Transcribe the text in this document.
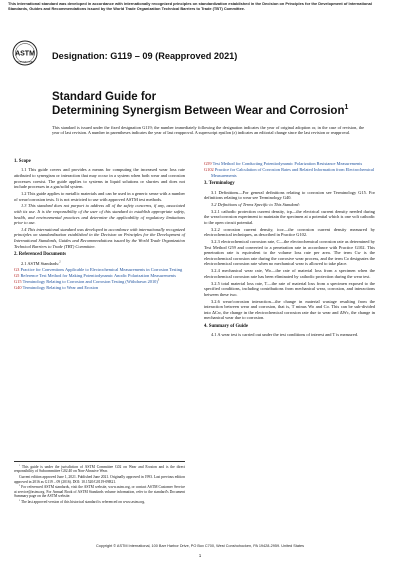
This international standard was developed in accordance with internationally recognized principles on standardization established in the Decision on Principles for the Development of International Standards, Guides and Recommendations issued by the World Trade Organization Technical Barriers to Trade (TBT) Committee.
ASTM
INTERNATIONAL
Designation: G119 – 09 (Reapproved 2021)
Standard Guide for
Determining Synergism Between Wear and Corrosion$^1$
This standard is issued under the fixed designation G119; the number immediately following the designation indicates the year of original adoption or, in the case of revision, the year of last revision. A number in parentheses indicates the year of last reapproval. A superscript epsilon (ε) indicates an editorial change since the last revision or reapproval.
1. Scope

1.1 This guide covers and provides a means for computing the increased wear loss rate attributed to synergism or interaction that may occur in a system when both wear and corrosion processes coexist. The guide applies to systems in liquid solutions or slurries and does not include processes in a gas/solid system.

1.2 This guide applies to metallic materials and can be used in a generic sense with a number of wear/corrosion tests. It is not restricted to use with approved ASTM test methods.

1.3 This standard does not purport to address all of the safety concerns, if any, associated with its use. It is the responsibility of the user of this standard to establish appropriate safety, health, and environmental practices and determine the applicability of regulatory limitations prior to use.

1.4 This international standard was developed in accordance with internationally recognized principles on standardization established in the Decision on Principles for the Development of International Standards, Guides and Recommendations issued by the World Trade Organization Technical Barriers to Trade (TBT) Committee.

2. Referenced Documents

2.1 ASTM Standards:$^2$

G3 Practice for Conventions Applicable to Electrochemical Measurements in Corrosion Testing
G5 Reference Test Method for Making Potentiodynamic Anodic Polarization Measurements
G15 Terminology Relating to Corrosion and Corrosion Testing (Withdrawn 2010)$^3$
G40 Terminology Relating to Wear and Erosion

$^1$ This guide is under the jurisdiction of ASTM Committee G02 on Wear and Erosion and is the direct responsibility of Subcommittee G02.40 on Non-Abrasive Wear.

Current edition approved June 1, 2021. Published June 2021. Originally approved in 1993. Last previous edition approved in 2016 as G119 – 09 (2016). DOI: 10.1520/G0119-09R21.

$^2$ For referenced ASTM standards, visit the ASTM website, www.astm.org, or contact ASTM Customer Service at service@astm.org. For Annual Book of ASTM Standards volume information, refer to the standard's Document Summary page on the ASTM website.

$^3$ The last approved version of this historical standard is referenced on www.astm.org.

G59 Test Method for Conducting Potentiodynamic Polarization Resistance Measurements
G102 Practice for Calculation of Corrosion Rates and Related Information from Electrochemical Measurements
3. Terminology

3.1 Definitions—For general definitions relating to corrosion see Terminology G15. For definitions relating to wear see Terminology G40.

3.2 Definitions of Terms Specific to This Standard:

3.2.1 cathodic protection current density, icp—the electrical current density needed during the wear/corrosion experiment to maintain the specimen at a potential which is one volt cathodic to the open circuit potential.

3.2.2 corrosion current density, icor—the corrosion current density measured by electrochemical techniques, as described in Practice G102.

3.2.3 electrochemical corrosion rate, C—the electrochemical corrosion rate as determined by Test Method G59 and converted to a penetration rate in accordance with Practice G102. This penetration rate is equivalent to the volume loss rate per area. The term Cw is the electrochemical corrosion rate during the corrosive wear process, and the term Co designates the electrochemical corrosion rate when no mechanical wear is allowed to take place.

3.2.4 mechanical wear rate, Wo—the rate of material loss from a specimen when the electrochemical corrosion rate has been eliminated by cathodic protection during the wear test.

3.2.5 total material loss rate, T—the rate of material loss from a specimen exposed to the specified conditions, including contributions from mechanical wear, corrosion, and interactions between these two.

3.2.6 wear/corrosion interaction—the change in material wastage resulting from the interaction between wear and corrosion, that is, T minus Wo and Co. This can be sub-divided into ΔCw, the change in the electrochemical corrosion rate due to wear and ΔWc, the change in mechanical wear due to corrosion.

4. Summary of Guide

4.1 A wear test is carried out under the test conditions of interest and T is measured.

Copyright © ASTM International, 100 Barr Harbor Drive, PO Box C700, West Conshohocken, PA 19428-2959. United States
1
